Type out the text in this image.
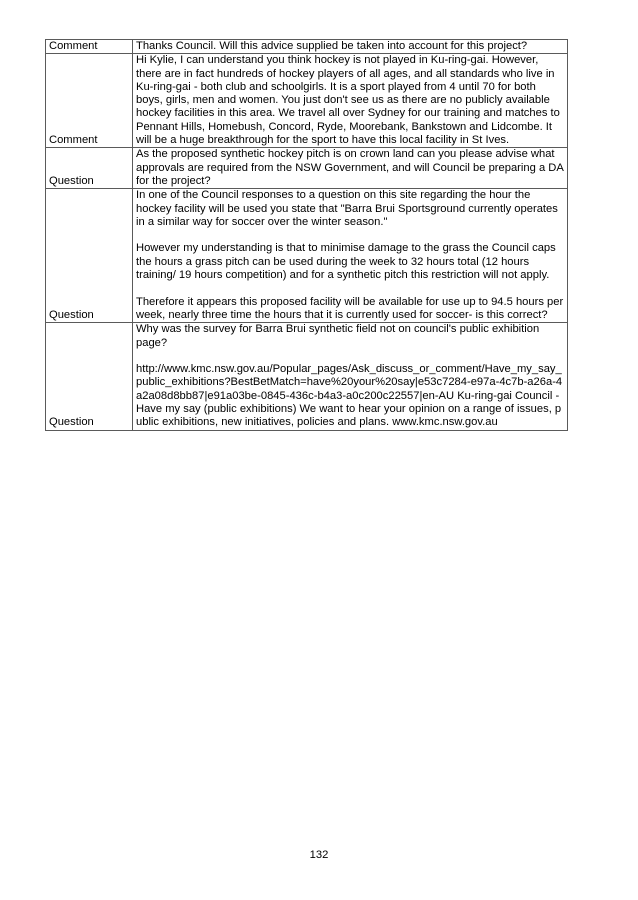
Comment	Thanks Council. Will this advice supplied be taken into account for this project?

Comment	Hi Kylie, I can understand you think hockey is not played in Ku-ring-gai. However, there are in fact hundreds of hockey players of all ages, and all standards who live in Ku-ring-gai - both club and schoolgirls. It is a sport played from 4 until 70 for both boys, girls, men and women. You just don't see us as there are no publicly available hockey facilities in this area. We travel all over Sydney for our training and matches to Pennant Hills, Homebush, Concord, Ryde, Moorebank, Bankstown and Lidcombe. It will be a huge breakthrough for the sport to have this local facility in St Ives.

Question	As the proposed synthetic hockey pitch is on crown land can you please advise what approvals are required from the NSW Government, and will Council be preparing a DA for the project?

Question	In one of the Council responses to a question on this site regarding the hour the hockey facility will be used you state that "Barra Brui Sportsground currently operates in a similar way for soccer over the winter season."

However my understanding is that to minimise damage to the grass the Council caps the hours a grass pitch can be used during the week to 32 hours total (12 hours training/ 19 hours competition) and for a synthetic pitch this restriction will not apply.

Therefore it appears this proposed facility will be available for use up to 94.5 hours per week, nearly three time the hours that it is currently used for soccer- is this correct?

Question	Why was the survey for Barra Brui synthetic field not on council's public exhibition page?

http://www.kmc.nsw.gov.au/Popular_pages/Ask_discuss_or_comment/Have_my_say_public_exhibitions?BestBetMatch=have%20your%20say|e53c7284-e97a-4c7b-a26a-4a2a08d8bb87|e91a03be-0845-436c-b4a3-a0c200c22557|en-AU Ku-ring-gai Council - Have my say (public exhibitions) We want to hear your opinion on a range of issues, public exhibitions, new initiatives, policies and plans. www.kmc.nsw.gov.au

132
